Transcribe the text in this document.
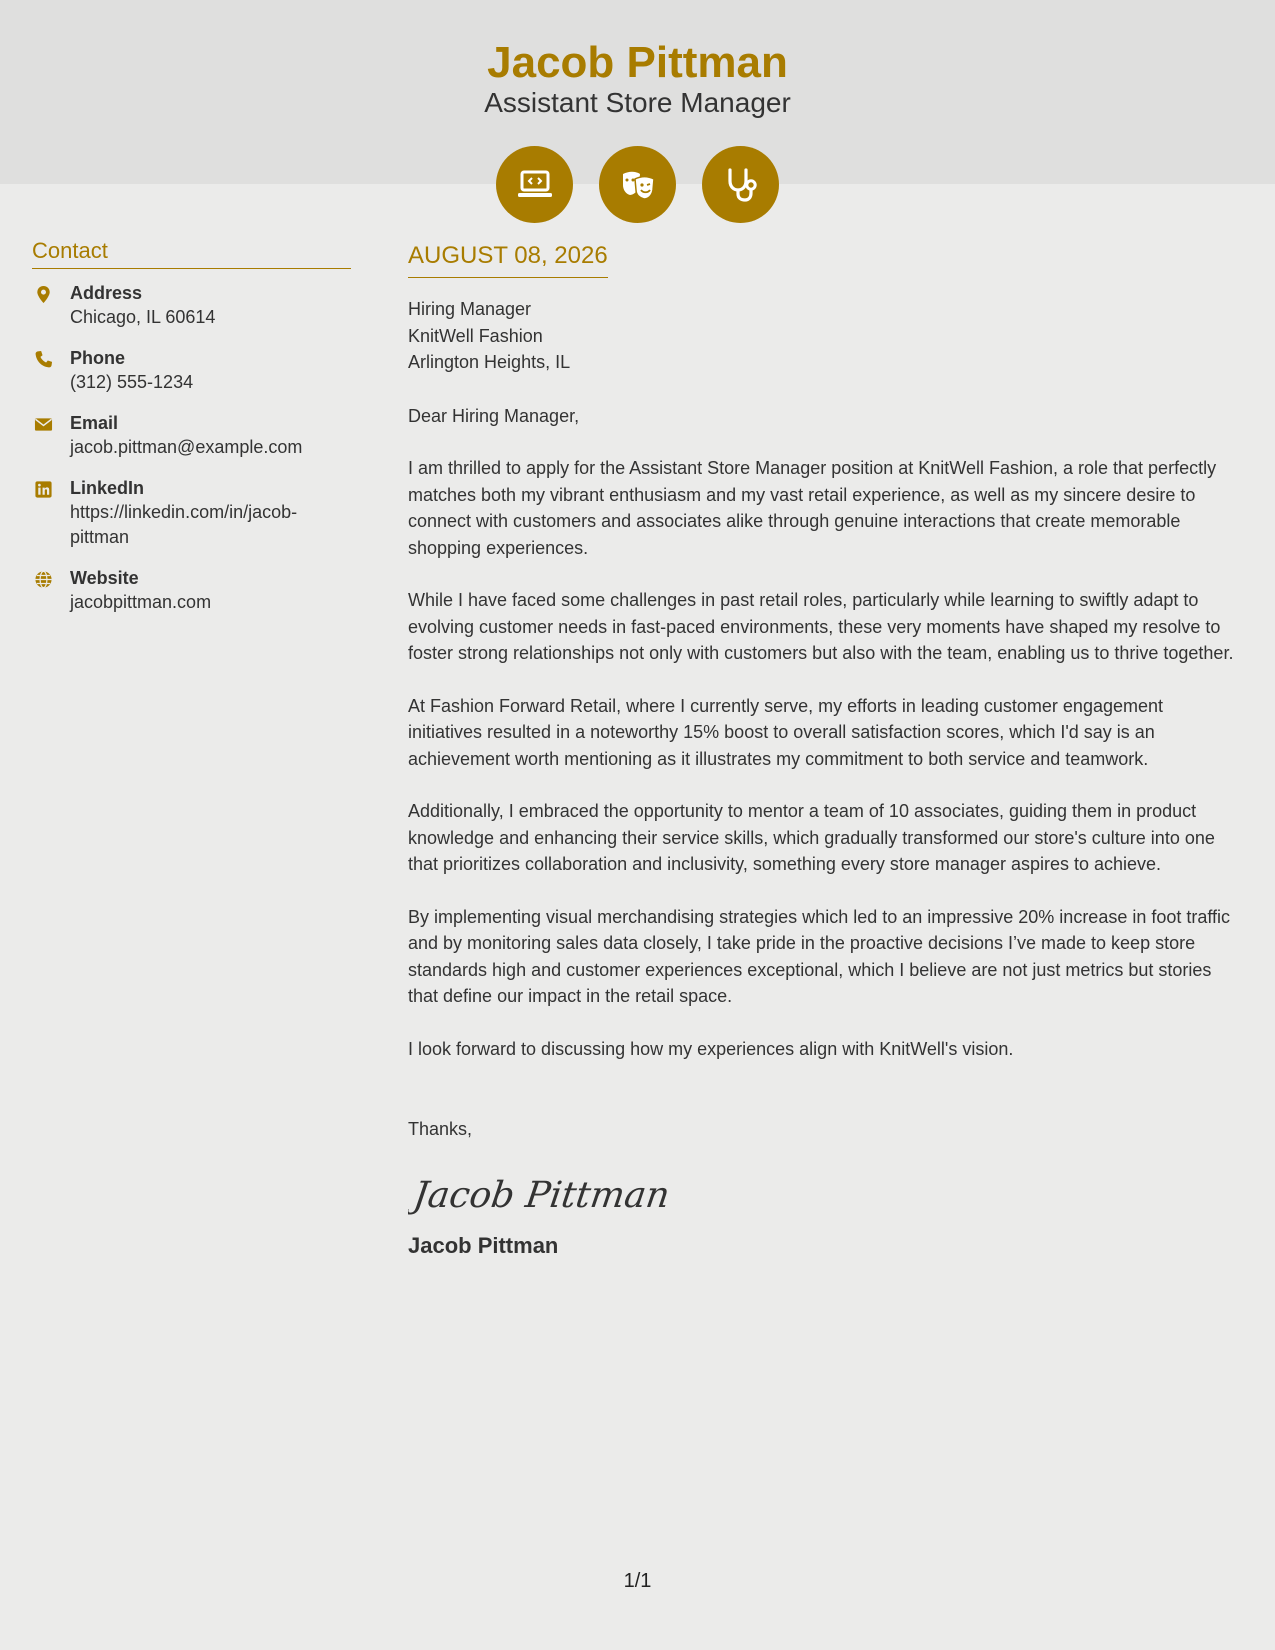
Jacob Pittman
Assistant Store Manager
Contact
Address
Chicago, IL 60614
Phone
(312) 555-1234
Email
jacob.pittman@example.com
LinkedIn
https://linkedin.com/in/jacob-
pittman
Website
jacobpittman.com
AUGUST 08, 2026
Hiring Manager
KnitWell Fashion
Arlington Heights, IL
Dear Hiring Manager,
I am thrilled to apply for the Assistant Store Manager position at KnitWell Fashion, a role that perfectly matches both my vibrant enthusiasm and my vast retail experience, as well as my sincere desire to connect with customers and associates alike through genuine interactions that create memorable shopping experiences.
While I have faced some challenges in past retail roles, particularly while learning to swiftly adapt to evolving customer needs in fast-paced environments, these very moments have shaped my resolve to foster strong relationships not only with customers but also with the team, enabling us to thrive together.
At Fashion Forward Retail, where I currently serve, my efforts in leading customer engagement initiatives resulted in a noteworthy 15% boost to overall satisfaction scores, which I'd say is an achievement worth mentioning as it illustrates my commitment to both service and teamwork.
Additionally, I embraced the opportunity to mentor a team of 10 associates, guiding them in product knowledge and enhancing their service skills, which gradually transformed our store's culture into one that prioritizes collaboration and inclusivity, something every store manager aspires to achieve.
By implementing visual merchandising strategies which led to an impressive 20% increase in foot traffic and by monitoring sales data closely, I take pride in the proactive decisions I’ve made to keep store standards high and customer experiences exceptional, which I believe are not just metrics but stories that define our impact in the retail space.
I look forward to discussing how my experiences align with KnitWell's vision.
Thanks,
Jacob Pittman
Jacob Pittman
1/1
